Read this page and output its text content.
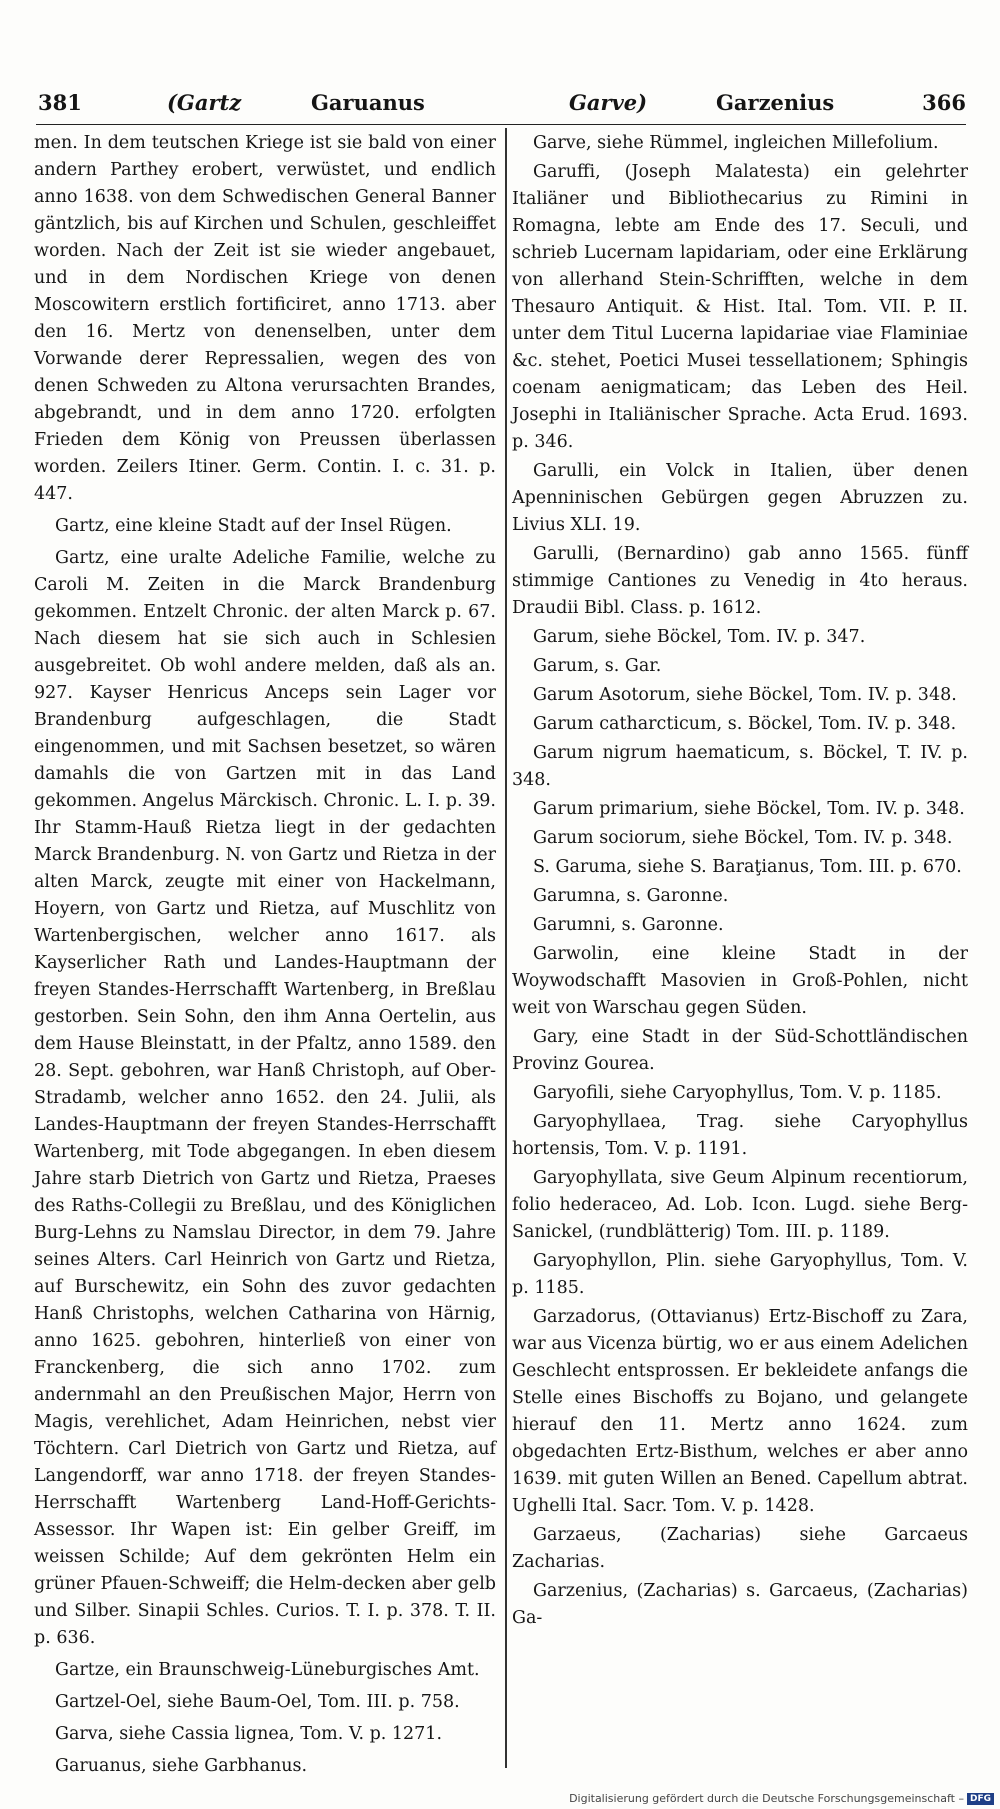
381	(Gartz	Garuanus	Garve)	Garzenius	366

men. In dem teutschen Kriege ist sie bald von einer andern Parthey erobert, verwüstet, und endlich anno 1638. von dem Schwedischen General Banner gäntzlich, bis auf Kirchen und Schulen, geschleiffet worden. Nach der Zeit ist sie wieder angebauet, und in dem Nordischen Kriege von denen Moscowitern erstlich fortificiret, anno 1713. aber den 16. Mertz von denenselben, unter dem Vorwande derer Repressalien, wegen des von denen Schweden zu Altona verursachten Brandes, abgebrandt, und in dem anno 1720. erfolgten Frieden dem König von Preussen überlassen worden. Zeilers Itiner. Germ. Contin. I. c. 31. p. 447.

Gartz, eine kleine Stadt auf der Insel Rügen.

Gartz, eine uralte Adeliche Familie, welche zu Caroli M. Zeiten in die Marck Brandenburg gekommen. Entzelt Chronic. der alten Marck p. 67. Nach diesem hat sie sich auch in Schlesien ausgebreitet. Ob wohl andere melden, daß als an. 927. Kayser Henricus Anceps sein Lager vor Brandenburg aufgeschlagen, die Stadt eingenommen, und mit Sachsen besetzet, so wären damahls die von Gartzen mit in das Land gekommen. Angelus Märckisch. Chronic. L. I. p. 39. Ihr Stamm-Hauß Rietza liegt in der gedachten Marck Brandenburg. N. von Gartz und Rietza in der alten Marck, zeugte mit einer von Hackelmann, Hoyern, von Gartz und Rietza, auf Muschlitz von Wartenbergischen, welcher anno 1617. als Kayserlicher Rath und Landes-Hauptmann der freyen Standes-Herrschafft Wartenberg, in Breßlau gestorben. Sein Sohn, den ihm Anna Oertelin, aus dem Hause Bleinstatt, in der Pfaltz, anno 1589. den 28. Sept. gebohren, war Hanß Christoph, auf Ober-Stradamb, welcher anno 1652. den 24. Julii, als Landes-Hauptmann der freyen Standes-Herrschafft Wartenberg, mit Tode abgegangen. In eben diesem Jahre starb Dietrich von Gartz und Rietza, Praeses des Raths-Collegii zu Breßlau, und des Königlichen Burg-Lehns zu Namslau Director, in dem 79. Jahre seines Alters. Carl Heinrich von Gartz und Rietza, auf Burschewitz, ein Sohn des zuvor gedachten Hanß Christophs, welchen Catharina von Härnig, anno 1625. gebohren, hinterließ von einer von Franckenberg, die sich anno 1702. zum andernmahl an den Preußischen Major, Herrn von Magis, verehlichet, Adam Heinrichen, nebst vier Töchtern. Carl Dietrich von Gartz und Rietza, auf Langendorff, war anno 1718. der freyen Standes-Herrschafft Wartenberg Land-Hoff-Gerichts-Assessor. Ihr Wapen ist: Ein gelber Greiff, im weissen Schilde; Auf dem gekrönten Helm ein grüner Pfauen-Schweiff; die Helm-decken aber gelb und Silber. Sinapii Schles. Curios. T. I. p. 378. T. II. p. 636.

Gartze, ein Braunschweig-Lüneburgisches Amt.

Gartzel-Oel, siehe Baum-Oel, Tom. III. p. 758.

Garva, siehe Cassia lignea, Tom. V. p. 1271.

Garuanus, siehe Garbhanus.

Garve, siehe Rümmel, ingleichen Millefolium.

Garuffi, (Joseph Malatesta) ein gelehrter Italiäner und Bibliothecarius zu Rimini in Romagna, lebte am Ende des 17. Seculi, und schrieb Lucernam lapidariam, oder eine Erklärung von allerhand Stein-Schrifften, welche in dem Thesauro Antiquit. & Hist. Ital. Tom. VII. P. II. unter dem Titul Lucerna lapidariae viae Flaminiae &c. stehet, Poetici Musei tessellationem; Sphingis coenam aenigmaticam; das Leben des Heil. Josephi in Italiänischer Sprache. Acta Erud. 1693. p. 346.

Garulli, ein Volck in Italien, über denen Apenninischen Gebürgen gegen Abruzzen zu. Livius XLI. 19.

Garulli, (Bernardino) gab anno 1565. fünff stimmige Cantiones zu Venedig in 4to heraus. Draudii Bibl. Class. p. 1612.

Garum, siehe Böckel, Tom. IV. p. 347.

Garum, s. Gar.

Garum Asotorum, siehe Böckel, Tom. IV. p. 348.

Garum catharcticum, s. Böckel, Tom. IV. p. 348.

Garum nigrum haematicum, s. Böckel, T. IV. p. 348.

Garum primarium, siehe Böckel, Tom. IV. p. 348.

Garum sociorum, siehe Böckel, Tom. IV. p. 348.

S. Garuma, siehe S. Baraţianus, Tom. III. p. 670.

Garumna, s. Garonne.

Garumni, s. Garonne.

Garwolin, eine kleine Stadt in der Woywodschafft Masovien in Groß-Pohlen, nicht weit von Warschau gegen Süden.

Gary, eine Stadt in der Süd-Schottländischen Provinz Gourea.

Garyofili, siehe Caryophyllus, Tom. V. p. 1185.

Garyophyllaea, Trag. siehe Caryophyllus hortensis, Tom. V. p. 1191.

Garyophyllata, sive Geum Alpinum recentiorum, folio hederaceo, Ad. Lob. Icon. Lugd. siehe Berg-Sanickel, (rundblätterig) Tom. III. p. 1189.

Garyophyllon, Plin. siehe Garyophyllus, Tom. V. p. 1185.

Garzadorus, (Ottavianus) Ertz-Bischoff zu Zara, war aus Vicenza bürtig, wo er aus einem Adelichen Geschlecht entsprossen. Er bekleidete anfangs die Stelle eines Bischoffs zu Bojano, und gelangete hierauf den 11. Mertz anno 1624. zum obgedachten Ertz-Bisthum, welches er aber anno 1639. mit guten Willen an Bened. Capellum abtrat. Ughelli Ital. Sacr. Tom. V. p. 1428.

Garzaeus, (Zacharias) siehe Garcaeus Zacharias.

Garzenius, (Zacharias) s. Garcaeus, (Zacharias) Ga-

Digitalisierung gefördert durch die Deutsche Forschungsgemeinschaft – DFG
